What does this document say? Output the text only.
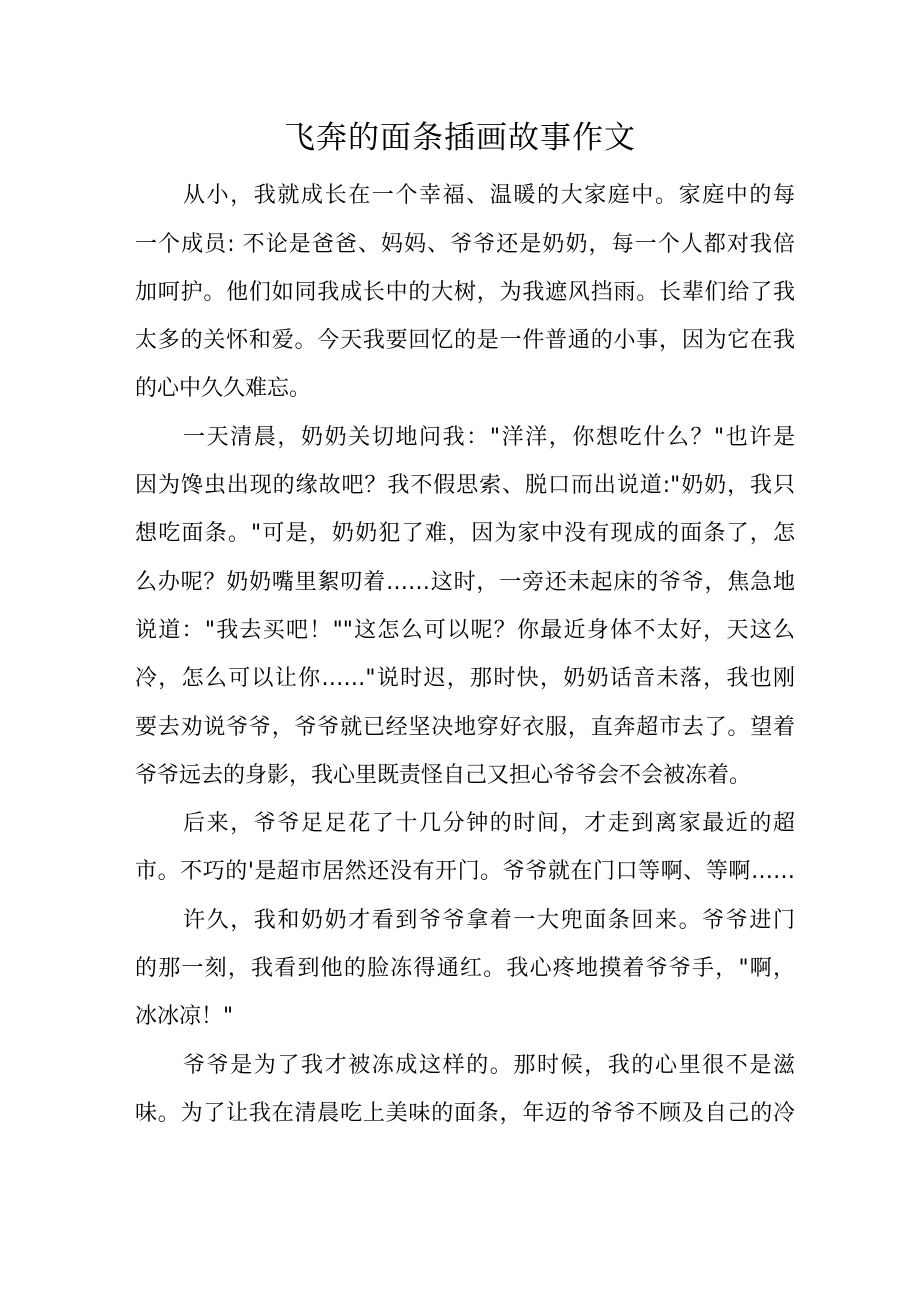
飞奔的面条插画故事作文
从小，我就成长在一个幸福、温暖的大家庭中。家庭中的每
一个成员: 不论是爸爸、妈妈、爷爷还是奶奶，每一个人都对我倍
加呵护。他们如同我成长中的大树，为我遮风挡雨。长辈们给了我
太多的关怀和爱。今天我要回忆的是一件普通的小事，因为它在我
的心中久久难忘。
一天清晨，奶奶关切地问我："洋洋，你想吃什么？"也许是
因为馋虫出现的缘故吧？我不假思索、脱口而出说道:"奶奶，我只
想吃面条。"可是，奶奶犯了难，因为家中没有现成的面条了，怎
么办呢？奶奶嘴里絮叨着……这时，一旁还未起床的爷爷，焦急地
说道："我去买吧！""这怎么可以呢？你最近身体不太好，天这么
冷，怎么可以让你……"说时迟，那时快，奶奶话音未落，我也刚
要去劝说爷爷，爷爷就已经坚决地穿好衣服，直奔超市去了。望着
爷爷远去的身影，我心里既责怪自己又担心爷爷会不会被冻着。
后来，爷爷足足花了十几分钟的时间，才走到离家最近的超
市。不巧的'是超市居然还没有开门。爷爷就在门口等啊、等啊……
许久，我和奶奶才看到爷爷拿着一大兜面条回来。爷爷进门
的那一刻，我看到他的脸冻得通红。我心疼地摸着爷爷手，"啊，
冰冰凉！"
爷爷是为了我才被冻成这样的。那时候，我的心里很不是滋
味。为了让我在清晨吃上美味的面条，年迈的爷爷不顾及自己的冷
